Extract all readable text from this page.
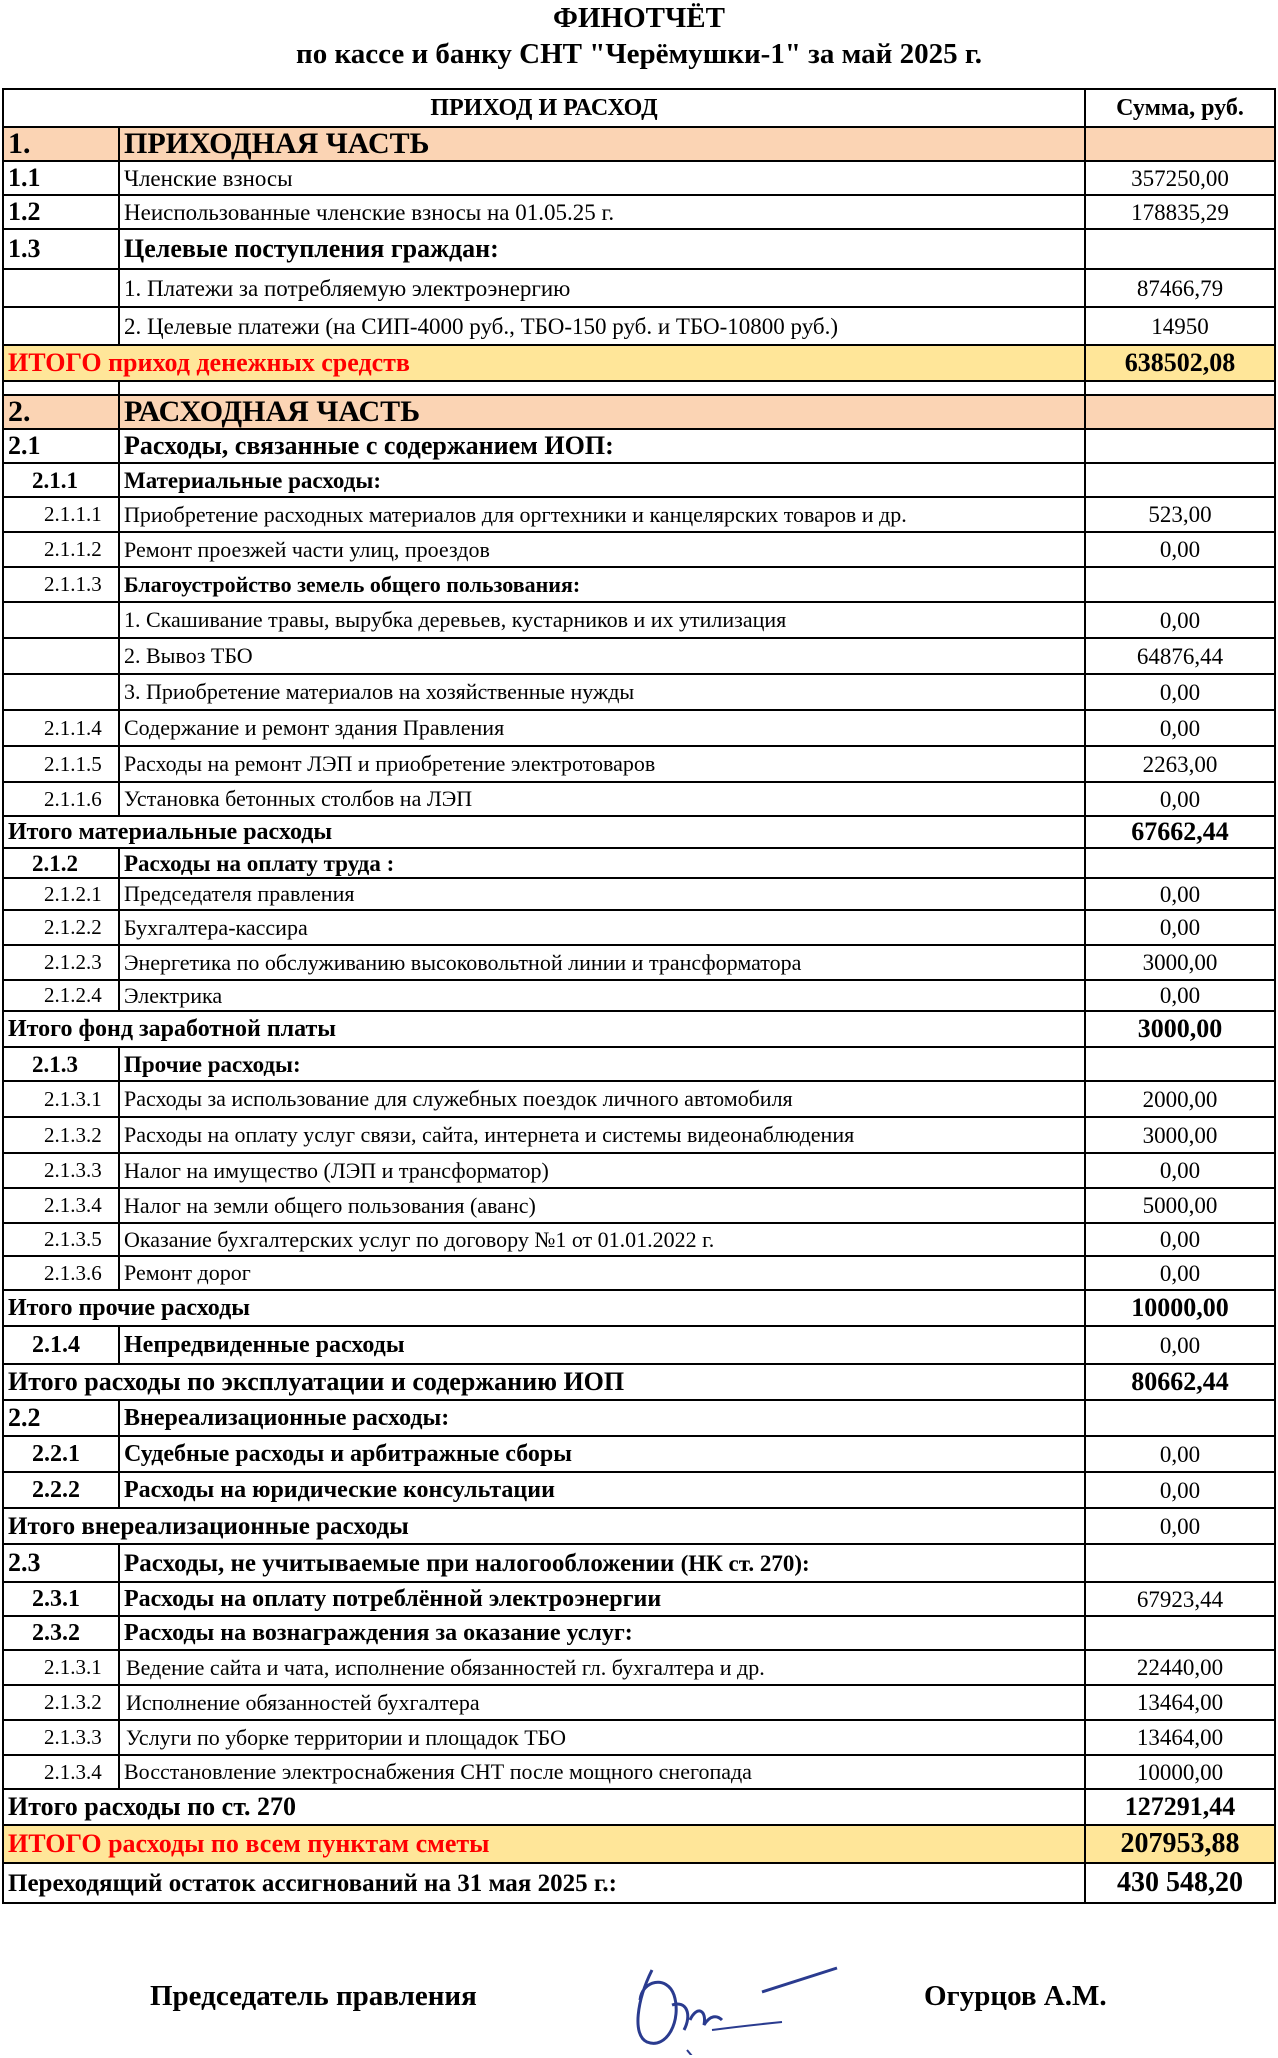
ФИНОТЧЁТ
по кассе и банку СНТ "Черёмушки-1" за май 2025 г.
ПРИХОД И РАСХОД		Сумма, руб.
1.	ПРИХОДНАЯ ЧАСТЬ	
1.1	Членские взносы	357250,00
1.2	Неиспользованные членские взносы на 01.05.25 г.	178835,29
1.3	Целевые поступления граждан:	
	1. Платежи за потребляемую электроэнергию	87466,79
	2. Целевые платежи (на СИП-4000 руб., ТБО-150 руб. и ТБО-10800 руб.)	14950
ИТОГО приход денежных средств		638502,08

2.	РАСХОДНАЯ ЧАСТЬ	
2.1	Расходы, связанные с содержанием ИОП:	
2.1.1	Материальные расходы:	
2.1.1.1	Приобретение расходных материалов для оргтехники и канцелярских товаров и др.	523,00
2.1.1.2	Ремонт проезжей части улиц, проездов	0,00
2.1.1.3	Благоустройство земель общего пользования:	
	1. Скашивание травы, вырубка деревьев, кустарников и их утилизация	0,00
	2. Вывоз ТБО	64876,44
	3. Приобретение материалов на хозяйственные нужды	0,00
2.1.1.4	Содержание и ремонт здания Правления	0,00
2.1.1.5	Расходы на ремонт ЛЭП и приобретение электротоваров	2263,00
2.1.1.6	Установка бетонных столбов на ЛЭП	0,00
Итого материальные расходы		67662,44
2.1.2	Расходы на оплату труда :	
2.1.2.1	Председателя правления	0,00
2.1.2.2	Бухгалтера-кассира	0,00
2.1.2.3	Энергетика по обслуживанию высоковольтной линии и трансформатора	3000,00
2.1.2.4	Электрика	0,00
Итого фонд заработной платы		3000,00
2.1.3	Прочие расходы:	
2.1.3.1	Расходы за использование для служебных поездок личного автомобиля	2000,00
2.1.3.2	Расходы на оплату услуг связи, сайта, интернета и системы видеонаблюдения	3000,00
2.1.3.3	Налог на имущество (ЛЭП и трансформатор)	0,00
2.1.3.4	Налог на земли общего пользования (аванс)	5000,00
2.1.3.5	Оказание бухгалтерских услуг по договору №1 от 01.01.2022 г.	0,00
2.1.3.6	Ремонт дорог	0,00
Итого прочие расходы		10000,00
2.1.4	Непредвиденные расходы	0,00
Итого расходы по эксплуатации и содержанию ИОП		80662,44
2.2	Внереализационные расходы:	
2.2.1	Судебные расходы и арбитражные сборы	0,00
2.2.2	Расходы на юридические консультации	0,00
Итого внереализационные расходы		0,00
2.3	Расходы, не учитываемые при налогообложении (НК ст. 270):	
2.3.1	Расходы на оплату потреблённой электроэнергии	67923,44
2.3.2	Расходы на вознаграждения за оказание услуг:	
2.1.3.1	Ведение сайта и чата, исполнение обязанностей гл. бухгалтера и др.	22440,00
2.1.3.2	Исполнение обязанностей бухгалтера	13464,00
2.1.3.3	Услуги по уборке территории и площадок ТБО	13464,00
2.1.3.4	Восстановление электроснабжения СНТ после мощного снегопада	10000,00
Итого расходы по ст. 270		127291,44
ИТОГО расходы по всем пунктам сметы		207953,88
Переходящий остаток ассигнований на 31 мая 2025 г.:		430 548,20
Председатель правления	Огурцов А.М.
